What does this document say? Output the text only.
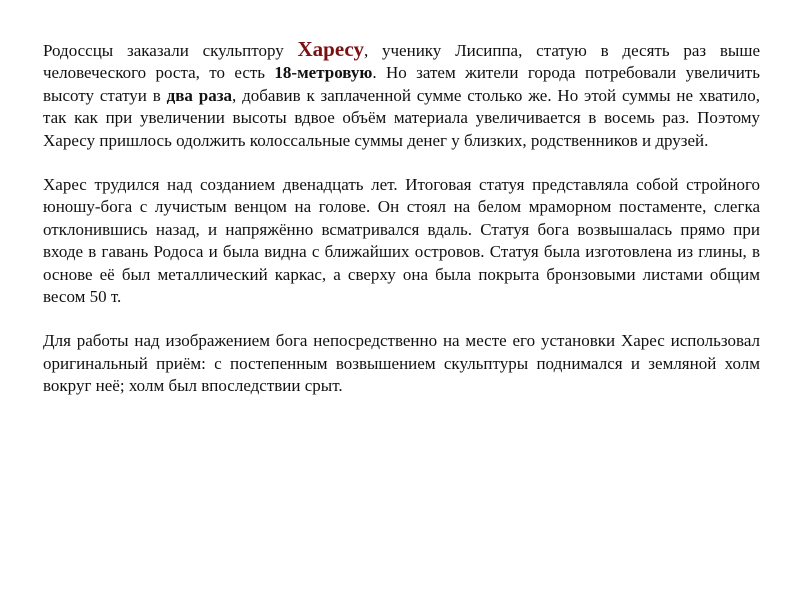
Родоссцы заказали скульптору Харесу, ученику Лисиппа, статую в десять раз выше человеческого роста, то есть 18-метровую. Но затем жители города потребовали увеличить высоту статуи в два раза, добавив к заплаченной сумме столько же. Но этой суммы не хватило, так как при увеличении высоты вдвое объём материала увеличивается в восемь раз. Поэтому Харесу пришлось одолжить колоссальные суммы денег у близких, родственников и друзей.

Харес трудился над созданием двенадцать лет. Итоговая статуя представляла собой стройного юношу-бога с лучистым венцом на голове. Он стоял на белом мраморном постаменте, слегка отклонившись назад, и напряжённо всматривался вдаль. Статуя бога возвышалась прямо при входе в гавань Родоса и была видна с ближайших островов. Статуя была изготовлена из глины, в основе её был металлический каркас, а сверху она была покрыта бронзовыми листами общим весом 50 т.

Для работы над изображением бога непосредственно на месте его установки Харес использовал оригинальный приём: с постепенным возвышением скульптуры поднимался и земляной холм вокруг неё; холм был впоследствии срыт.
